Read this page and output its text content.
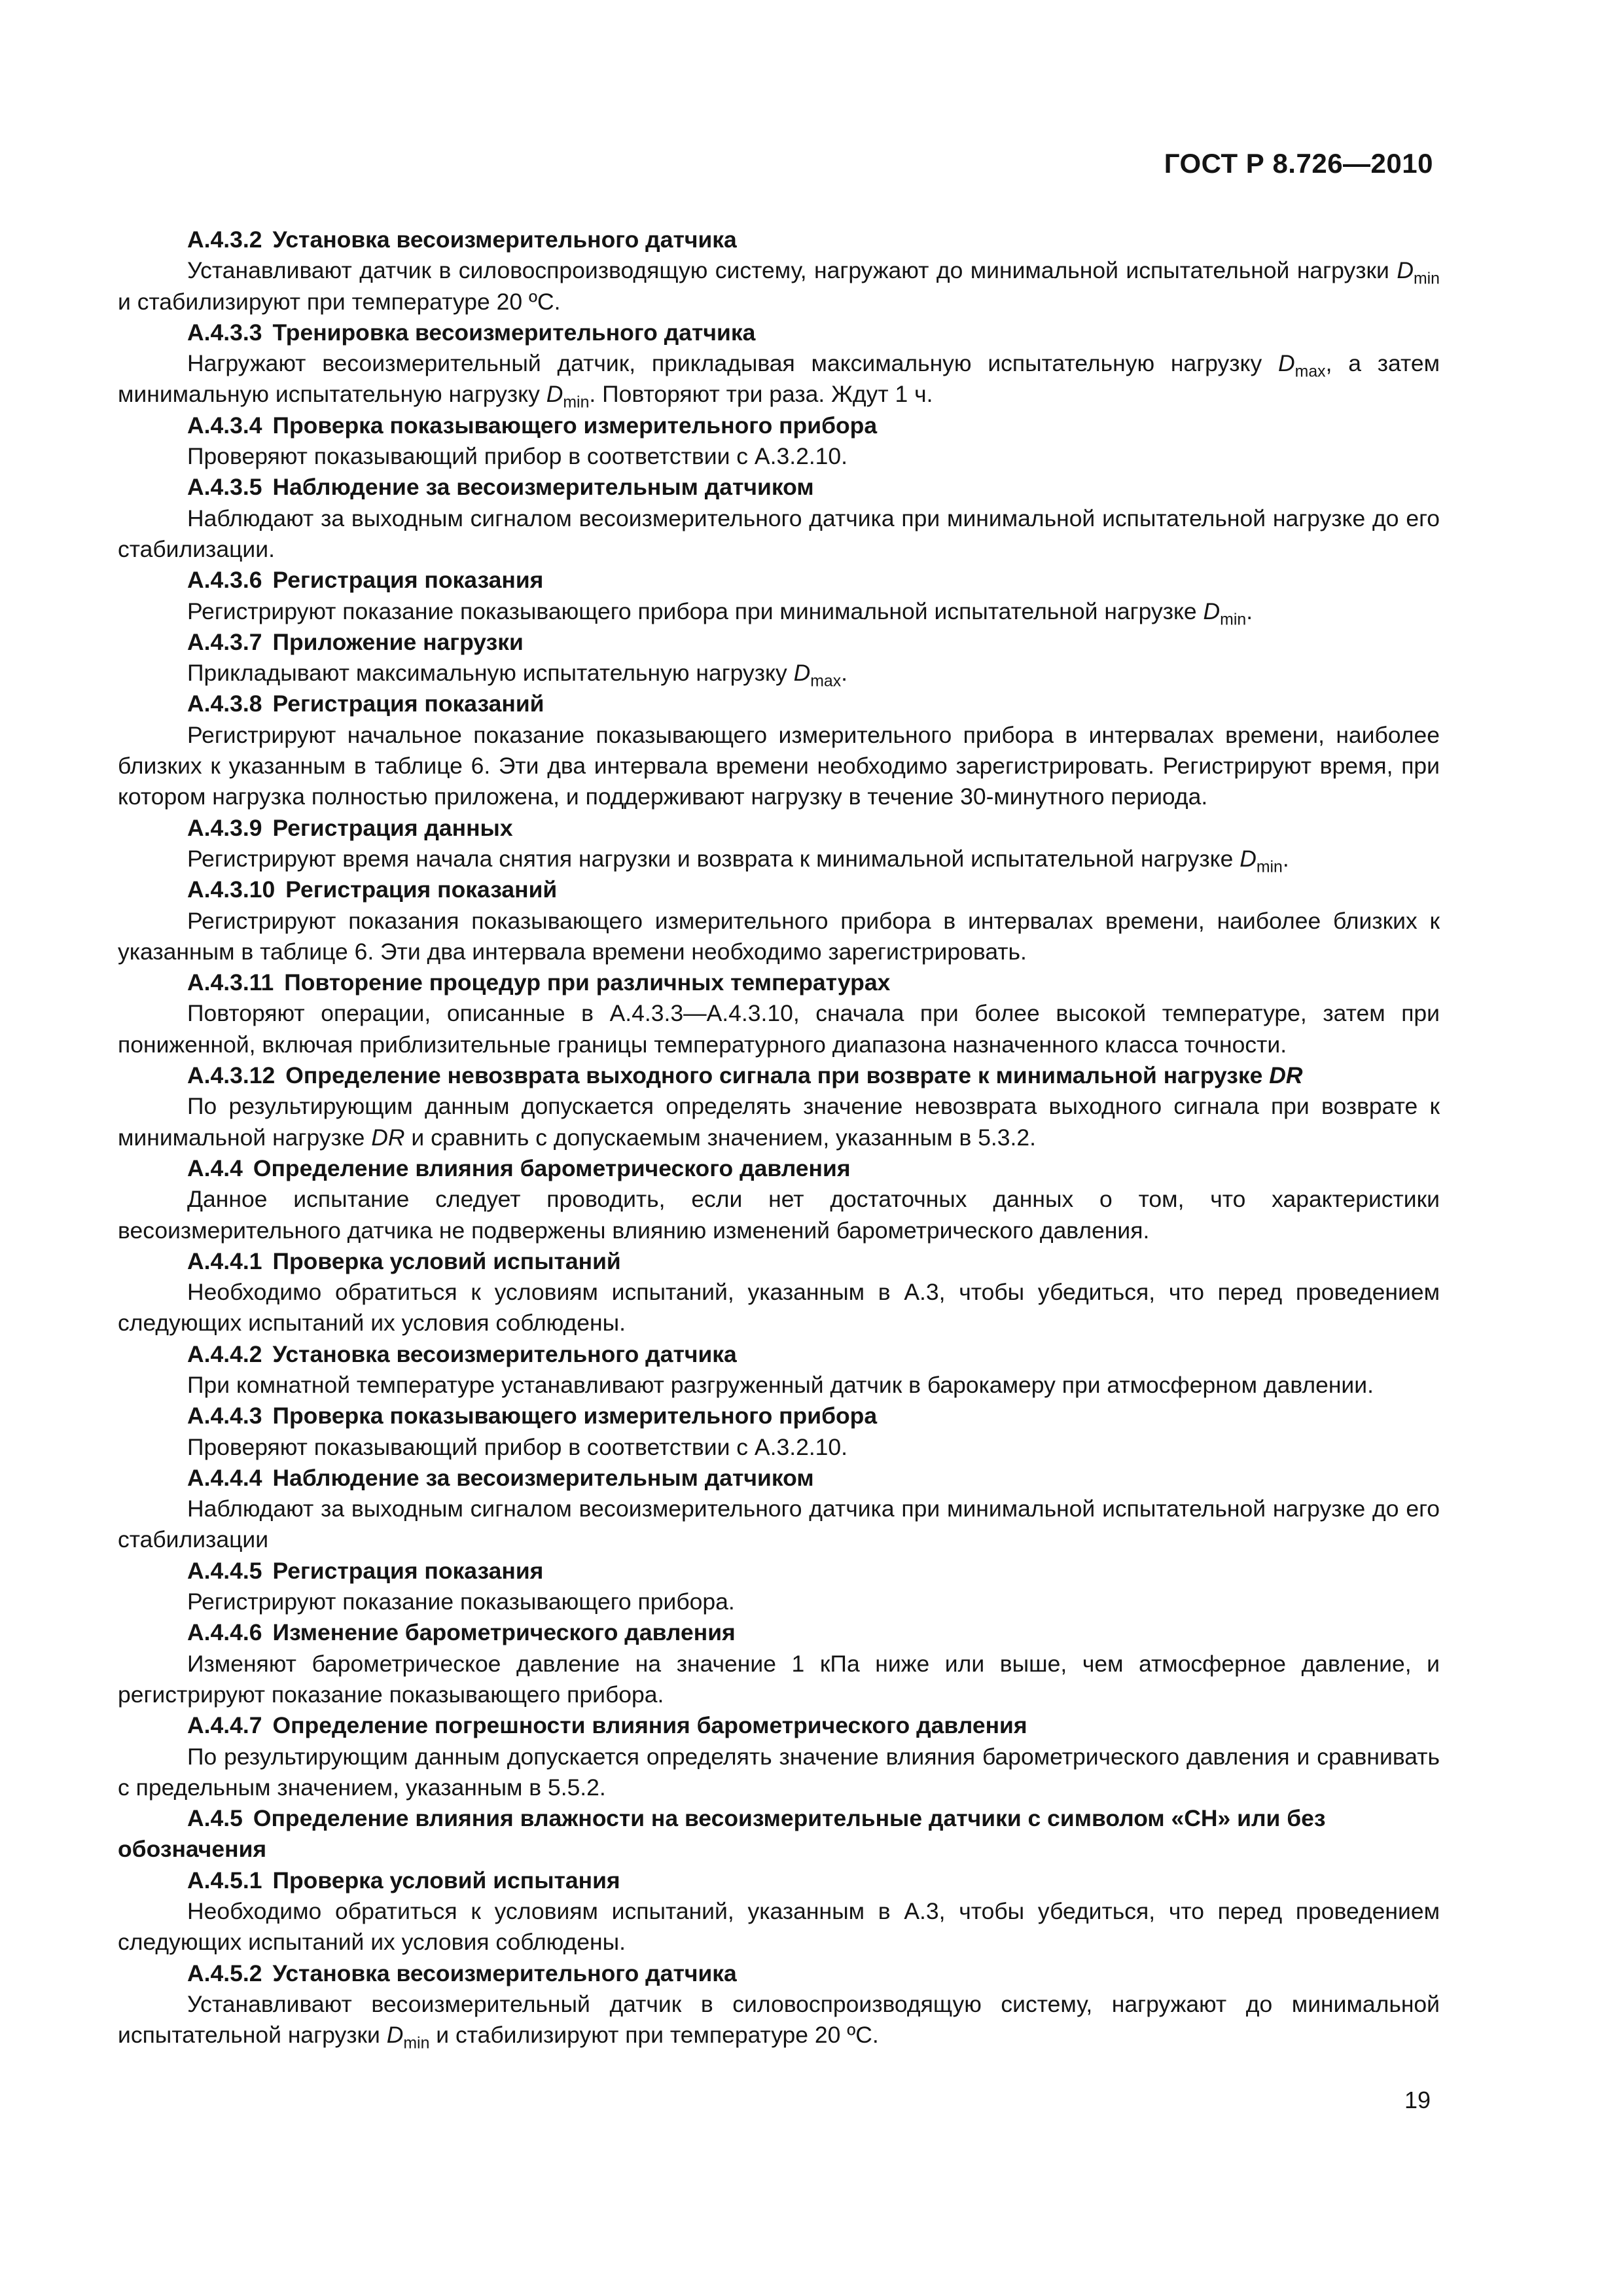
ГОСТ Р 8.726—2010
А.4.3.2 Установка весоизмерительного датчика
Устанавливают датчик в силовоспроизводящую систему, нагружают до минимальной испытательной нагрузки $D_{min}$ и стабилизируют при температуре 20 ºС.
А.4.3.3 Тренировка весоизмерительного датчика
Нагружают весоизмерительный датчик, прикладывая максимальную испытательную нагрузку $D_{max}$, а затем минимальную испытательную нагрузку $D_{min}$. Повторяют три раза. Ждут 1 ч.
А.4.3.4 Проверка показывающего измерительного прибора
Проверяют показывающий прибор в соответствии с А.3.2.10.
А.4.3.5 Наблюдение за весоизмерительным датчиком
Наблюдают за выходным сигналом весоизмерительного датчика при минимальной испытательной нагрузке до его стабилизации.
А.4.3.6 Регистрация показания
Регистрируют показание показывающего прибора при минимальной испытательной нагрузке $D_{min}$.
А.4.3.7 Приложение нагрузки
Прикладывают максимальную испытательную нагрузку $D_{max}$.
А.4.3.8 Регистрация показаний
Регистрируют начальное показание показывающего измерительного прибора в интервалах времени, наиболее близких к указанным в таблице 6. Эти два интервала времени необходимо зарегистрировать. Регистрируют время, при котором нагрузка полностью приложена, и поддерживают нагрузку в течение 30-минутного периода.
А.4.3.9 Регистрация данных
Регистрируют время начала снятия нагрузки и возврата к минимальной испытательной нагрузке $D_{min}$.
А.4.3.10 Регистрация показаний
Регистрируют показания показывающего измерительного прибора в интервалах времени, наиболее близких к указанным в таблице 6. Эти два интервала времени необходимо зарегистрировать.
А.4.3.11 Повторение процедур при различных температурах
Повторяют операции, описанные в А.4.3.3—А.4.3.10, сначала при более высокой температуре, затем при пониженной, включая приблизительные границы температурного диапазона назначенного класса точности.
А.4.3.12 Определение невозврата выходного сигнала при возврате к минимальной нагрузке DR
По результирующим данным допускается определять значение невозврата выходного сигнала при возврате к минимальной нагрузке DR и сравнить с допускаемым значением, указанным в 5.3.2.
А.4.4 Определение влияния барометрического давления
Данное испытание следует проводить, если нет достаточных данных о том, что характеристики весоизмерительного датчика не подвержены влиянию изменений барометрического давления.
А.4.4.1 Проверка условий испытаний
Необходимо обратиться к условиям испытаний, указанным в А.3, чтобы убедиться, что перед проведением следующих испытаний их условия соблюдены.
А.4.4.2 Установка весоизмерительного датчика
При комнатной температуре устанавливают разгруженный датчик в барокамеру при атмосферном давлении.
А.4.4.3 Проверка показывающего измерительного прибора
Проверяют показывающий прибор в соответствии с А.3.2.10.
А.4.4.4 Наблюдение за весоизмерительным датчиком
Наблюдают за выходным сигналом весоизмерительного датчика при минимальной испытательной нагрузке до его стабилизации
А.4.4.5 Регистрация показания
Регистрируют показание показывающего прибора.
А.4.4.6 Изменение барометрического давления
Изменяют барометрическое давление на значение 1 кПа ниже или выше, чем атмосферное давление, и регистрируют показание показывающего прибора.
А.4.4.7 Определение погрешности влияния барометрического давления
По результирующим данным допускается определять значение влияния барометрического давления и сравнивать с предельным значением, указанным в 5.5.2.
А.4.5 Определение влияния влажности на весоизмерительные датчики с символом «СН» или без обозначения
А.4.5.1 Проверка условий испытания
Необходимо обратиться к условиям испытаний, указанным в А.3, чтобы убедиться, что перед проведением следующих испытаний их условия соблюдены.
А.4.5.2 Установка весоизмерительного датчика
Устанавливают весоизмерительный датчик в силовоспроизводящую систему, нагружают до минимальной испытательной нагрузки $D_{min}$ и стабилизируют при температуре 20 ºС.
19
